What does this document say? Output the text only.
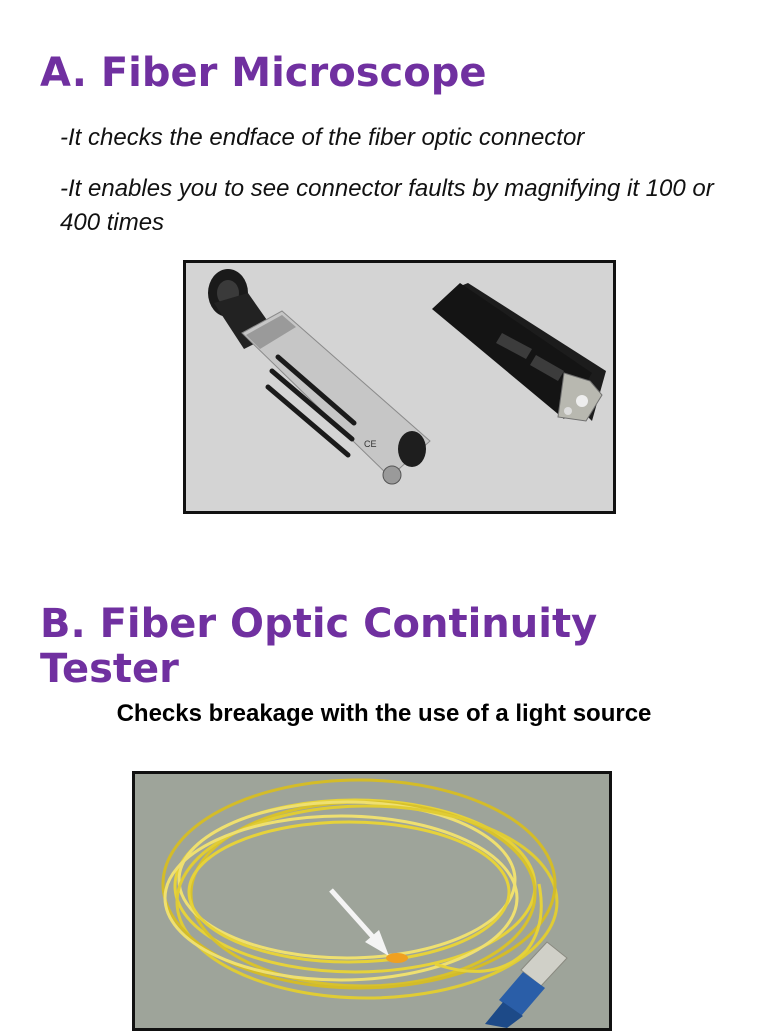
A. Fiber Microscope

-It checks the endface of the fiber optic connector

-It enables you to see connector faults by magnifying it 100 or 400 times

CE
B. Fiber Optic Continuity Tester

Checks breakage with the use of a light source
